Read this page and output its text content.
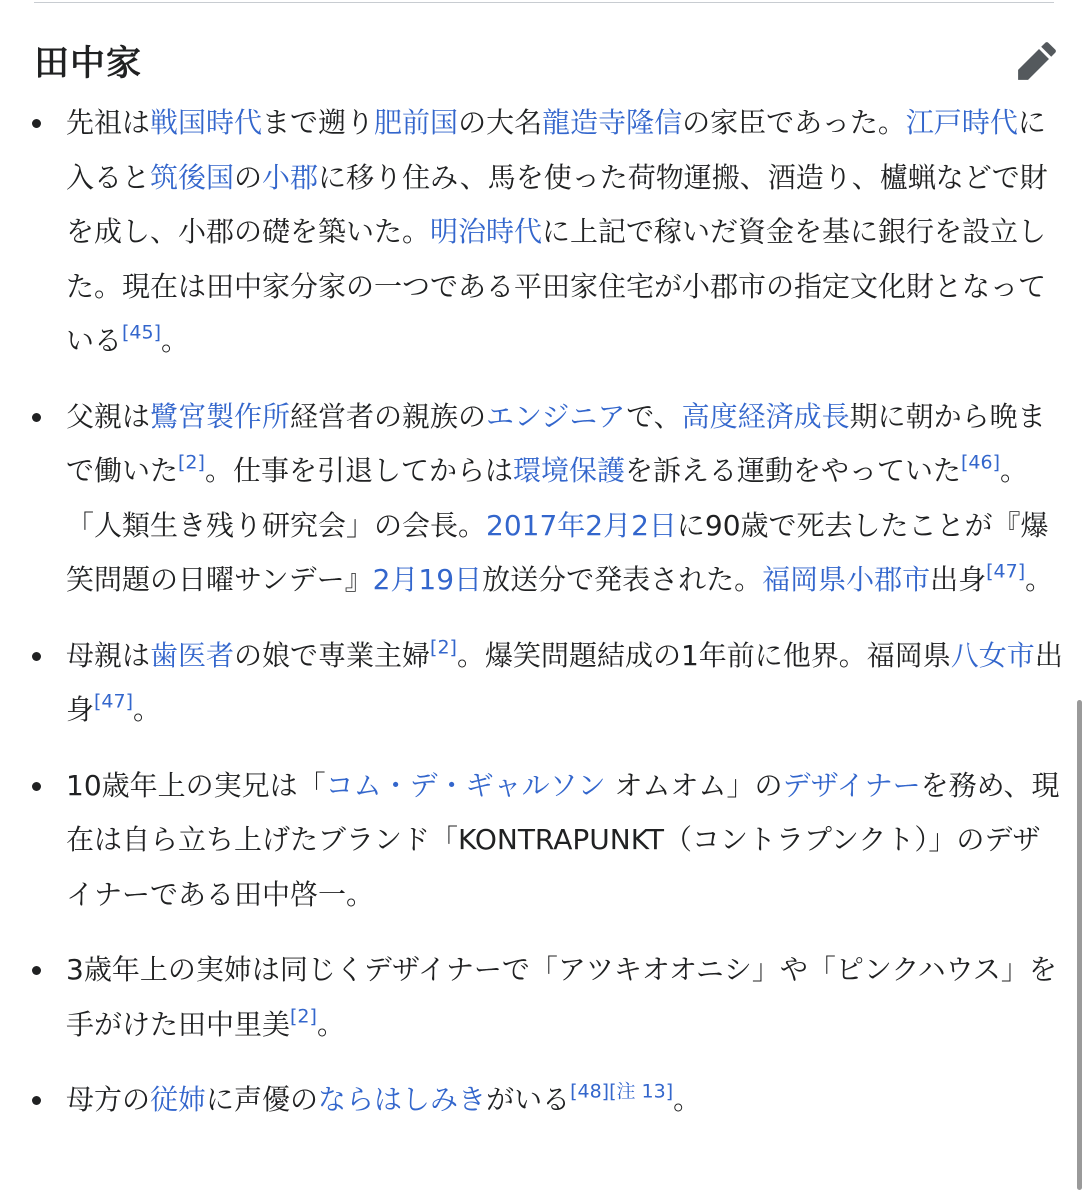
田中家
先祖は戦国時代まで遡り肥前国の大名龍造寺隆信の家臣であった。江戸時代に入ると筑後国の小郡に移り住み、馬を使った荷物運搬、酒造り、櫨蝋などで財を成し、小郡の礎を築いた。明治時代に上記で稼いだ資金を基に銀行を設立した。現在は田中家分家の一つである平田家住宅が小郡市の指定文化財となっている[45]。
父親は鷺宮製作所経営者の親族のエンジニアで、高度経済成長期に朝から晩まで働いた[2]。仕事を引退してからは環境保護を訴える運動をやっていた[46]。「人類生き残り研究会」の会長。2017年2月2日に90歳で死去したことが『爆笑問題の日曜サンデー』2月19日放送分で発表された。福岡県小郡市出身[47]。
母親は歯医者の娘で専業主婦[2]。爆笑問題結成の1年前に他界。福岡県八女市出身[47]。
10歳年上の実兄は「コム・デ・ギャルソン オムオム」のデザイナーを務め、現在は自ら立ち上げたブランド「KONTRAPUNKT（コントラプンクト）」のデザイナーである田中啓一。
3歳年上の実姉は同じくデザイナーで「アツキオオニシ」や「ピンクハウス」を手がけた田中里美[2]。
母方の従姉に声優のならはしみきがいる[48][注 13]。
